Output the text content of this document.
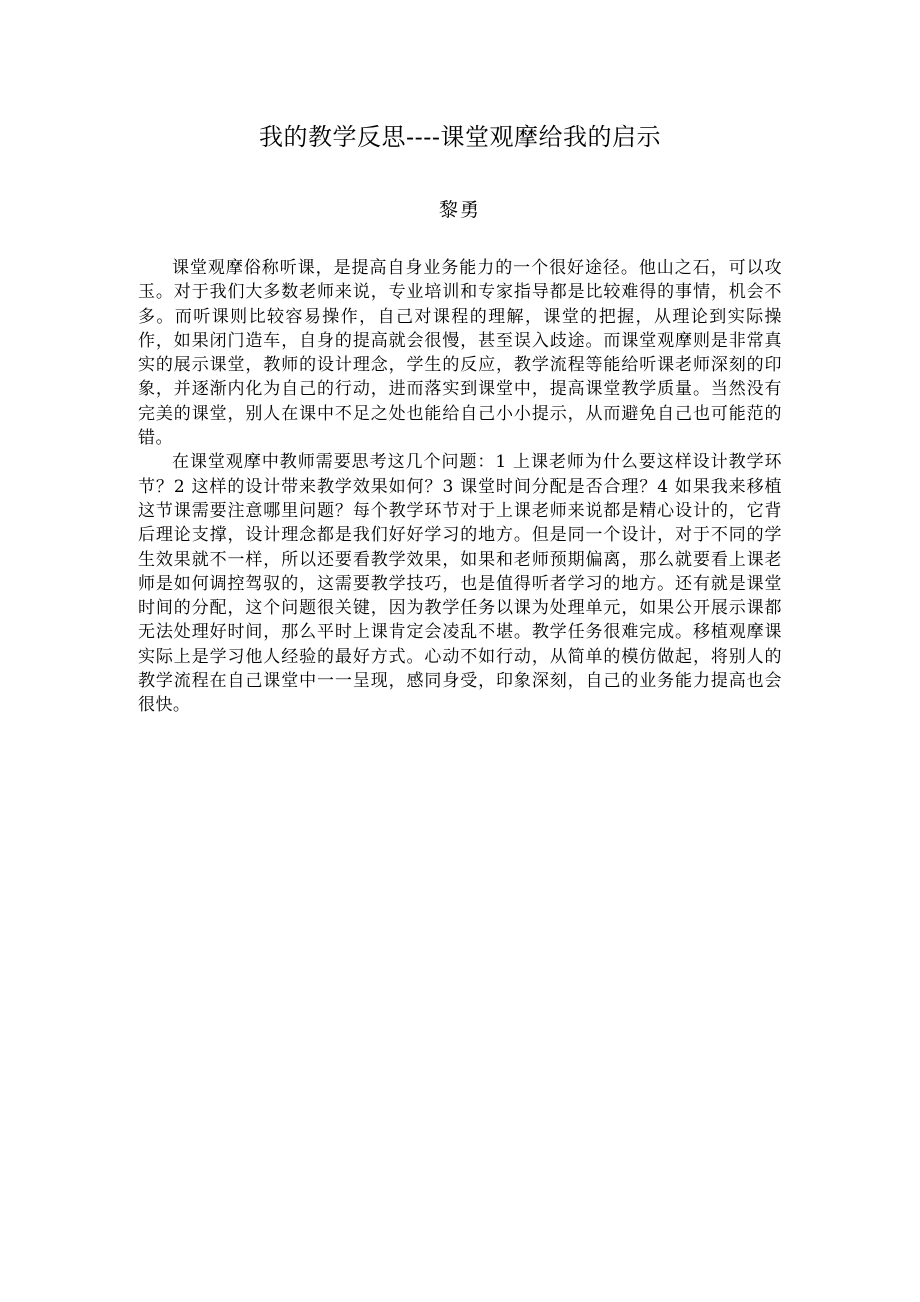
我的教学反思----课堂观摩给我的启示
黎勇

课堂观摩俗称听课，是提高自身业务能力的一个很好途径。他山之石，可以攻玉。对于我们大多数老师来说，专业培训和专家指导都是比较难得的事情，机会不多。而听课则比较容易操作，自己对课程的理解，课堂的把握，从理论到实际操作，如果闭门造车，自身的提高就会很慢，甚至误入歧途。而课堂观摩则是非常真实的展示课堂，教师的设计理念，学生的反应，教学流程等能给听课老师深刻的印象，并逐渐内化为自己的行动，进而落实到课堂中，提高课堂教学质量。当然没有完美的课堂，别人在课中不足之处也能给自己小小提示，从而避免自己也可能范的错。

在课堂观摩中教师需要思考这几个问题：1 上课老师为什么要这样设计教学环节？2 这样的设计带来教学效果如何？3 课堂时间分配是否合理？4 如果我来移植这节课需要注意哪里问题？每个教学环节对于上课老师来说都是精心设计的，它背后理论支撑，设计理念都是我们好好学习的地方。但是同一个设计，对于不同的学生效果就不一样，所以还要看教学效果，如果和老师预期偏离，那么就要看上课老师是如何调控驾驭的，这需要教学技巧，也是值得听者学习的地方。还有就是课堂时间的分配，这个问题很关键，因为教学任务以课为处理单元，如果公开展示课都无法处理好时间，那么平时上课肯定会凌乱不堪。教学任务很难完成。移植观摩课实际上是学习他人经验的最好方式。心动不如行动，从简单的模仿做起，将别人的教学流程在自己课堂中一一呈现，感同身受，印象深刻，自己的业务能力提高也会很快。
